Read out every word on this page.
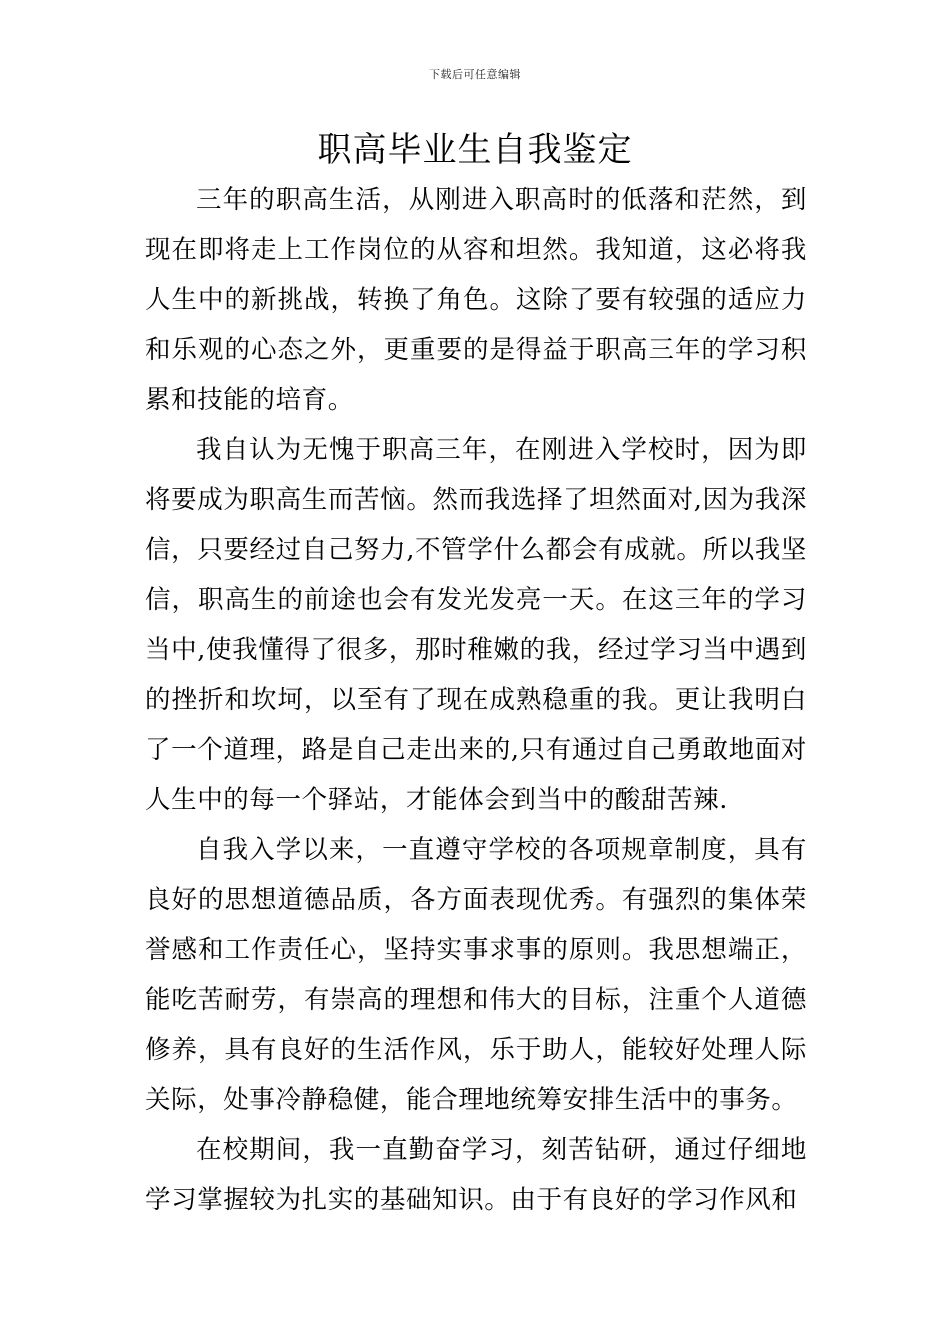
下载后可任意编辑
职高毕业生自我鉴定

三年的职高生活，从刚进入职高时的低落和茫然，到现在即将走上工作岗位的从容和坦然。我知道，这必将我人生中的新挑战，转换了角色。这除了要有较强的适应力和乐观的心态之外，更重要的是得益于职高三年的学习积累和技能的培育。

我自认为无愧于职高三年，在刚进入学校时，因为即将要成为职高生而苦恼。然而我选择了坦然面对,因为我深信，只要经过自己努力,不管学什么都会有成就。所以我坚信，职高生的前途也会有发光发亮一天。在这三年的学习当中,使我懂得了很多，那时稚嫩的我，经过学习当中遇到的挫折和坎坷，以至有了现在成熟稳重的我。更让我明白了一个道理，路是自己走出来的,只有通过自己勇敢地面对人生中的每一个驿站，才能体会到当中的酸甜苦辣.

自我入学以来，一直遵守学校的各项规章制度，具有良好的思想道德品质，各方面表现优秀。有强烈的集体荣誉感和工作责任心，坚持实事求事的原则。我思想端正，能吃苦耐劳，有崇高的理想和伟大的目标，注重个人道德修养，具有良好的生活作风，乐于助人，能较好处理人际关际，处事冷静稳健，能合理地统筹安排生活中的事务。

在校期间，我一直勤奋学习，刻苦钻研，通过仔细地学习掌握较为扎实的基础知识。由于有良好的学习作风和
